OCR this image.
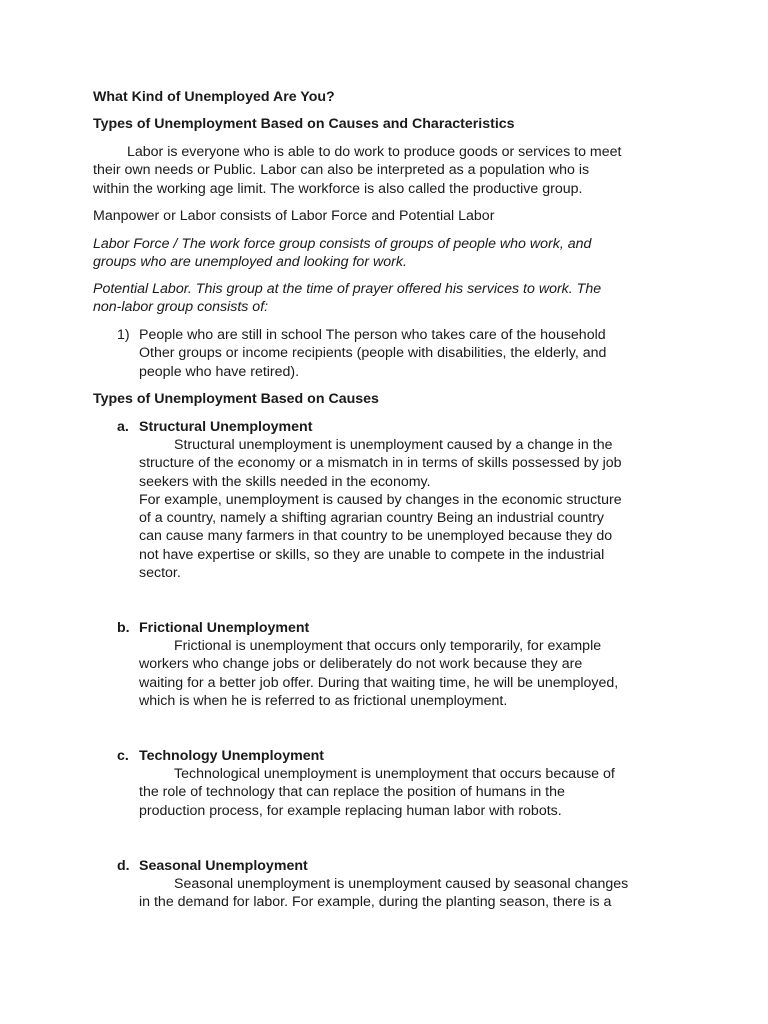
What Kind of Unemployed Are You?

Types of Unemployment Based on Causes and Characteristics

Labor is everyone who is able to do work to produce goods or services to meet
their own needs or Public. Labor can also be interpreted as a population who is
within the working age limit. The workforce is also called the productive group.

Manpower or Labor consists of Labor Force and Potential Labor

Labor Force / The work force group consists of groups of people who work, and
groups who are unemployed and looking for work.
Potential Labor. This group at the time of prayer offered his services to work. The
non-labor group consists of:

1) People who are still in school The person who takes care of the household
Other groups or income recipients (people with disabilities, the elderly, and
people who have retired).

Types of Unemployment Based on Causes

a. Structural Unemployment

Structural unemployment is unemployment caused by a change in the
structure of the economy or a mismatch in in terms of skills possessed by job
seekers with the skills needed in the economy.
For example, unemployment is caused by changes in the economic structure
of a country, namely a shifting agrarian country Being an industrial country
can cause many farmers in that country to be unemployed because they do
not have expertise or skills, so they are unable to compete in the industrial
sector.

b. Frictional Unemployment

Frictional is unemployment that occurs only temporarily, for example
workers who change jobs or deliberately do not work because they are
waiting for a better job offer. During that waiting time, he will be unemployed,
which is when he is referred to as frictional unemployment.

c. Technology Unemployment

Technological unemployment is unemployment that occurs because of
the role of technology that can replace the position of humans in the
production process, for example replacing human labor with robots.

d. Seasonal Unemployment

Seasonal unemployment is unemployment caused by seasonal changes
in the demand for labor. For example, during the planting season, there is a
